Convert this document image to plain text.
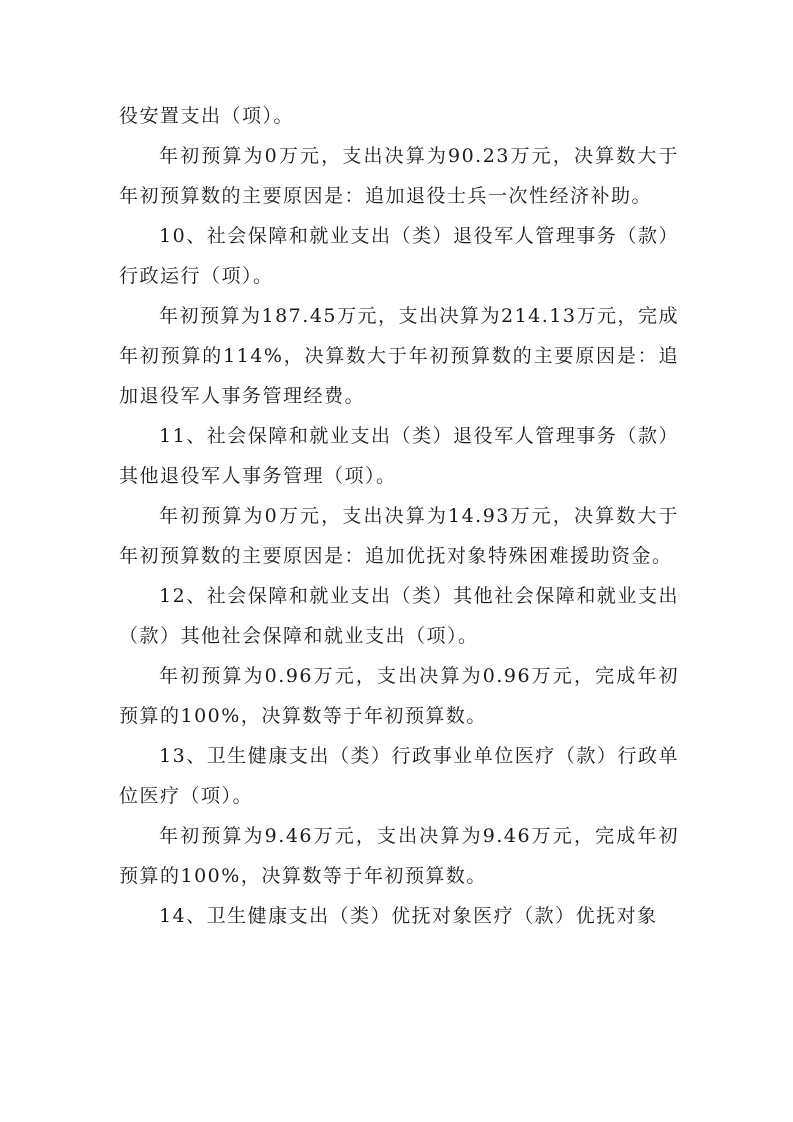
役安置支出（项）。

年初预算为0万元，支出决算为90.23万元，决算数大于年初预算数的主要原因是：追加退役士兵一次性经济补助。

10、社会保障和就业支出（类）退役军人管理事务（款）行政运行（项）。

年初预算为187.45万元，支出决算为214.13万元，完成年初预算的114%，决算数大于年初预算数的主要原因是：追加退役军人事务管理经费。

11、社会保障和就业支出（类）退役军人管理事务（款）其他退役军人事务管理（项）。

年初预算为0万元，支出决算为14.93万元，决算数大于年初预算数的主要原因是：追加优抚对象特殊困难援助资金。

12、社会保障和就业支出（类）其他社会保障和就业支出（款）其他社会保障和就业支出（项）。

年初预算为0.96万元，支出决算为0.96万元，完成年初预算的100%，决算数等于年初预算数。

13、卫生健康支出（类）行政事业单位医疗（款）行政单位医疗（项）。

年初预算为9.46万元，支出决算为9.46万元，完成年初预算的100%，决算数等于年初预算数。

14、卫生健康支出（类）优抚对象医疗（款）优抚对象
